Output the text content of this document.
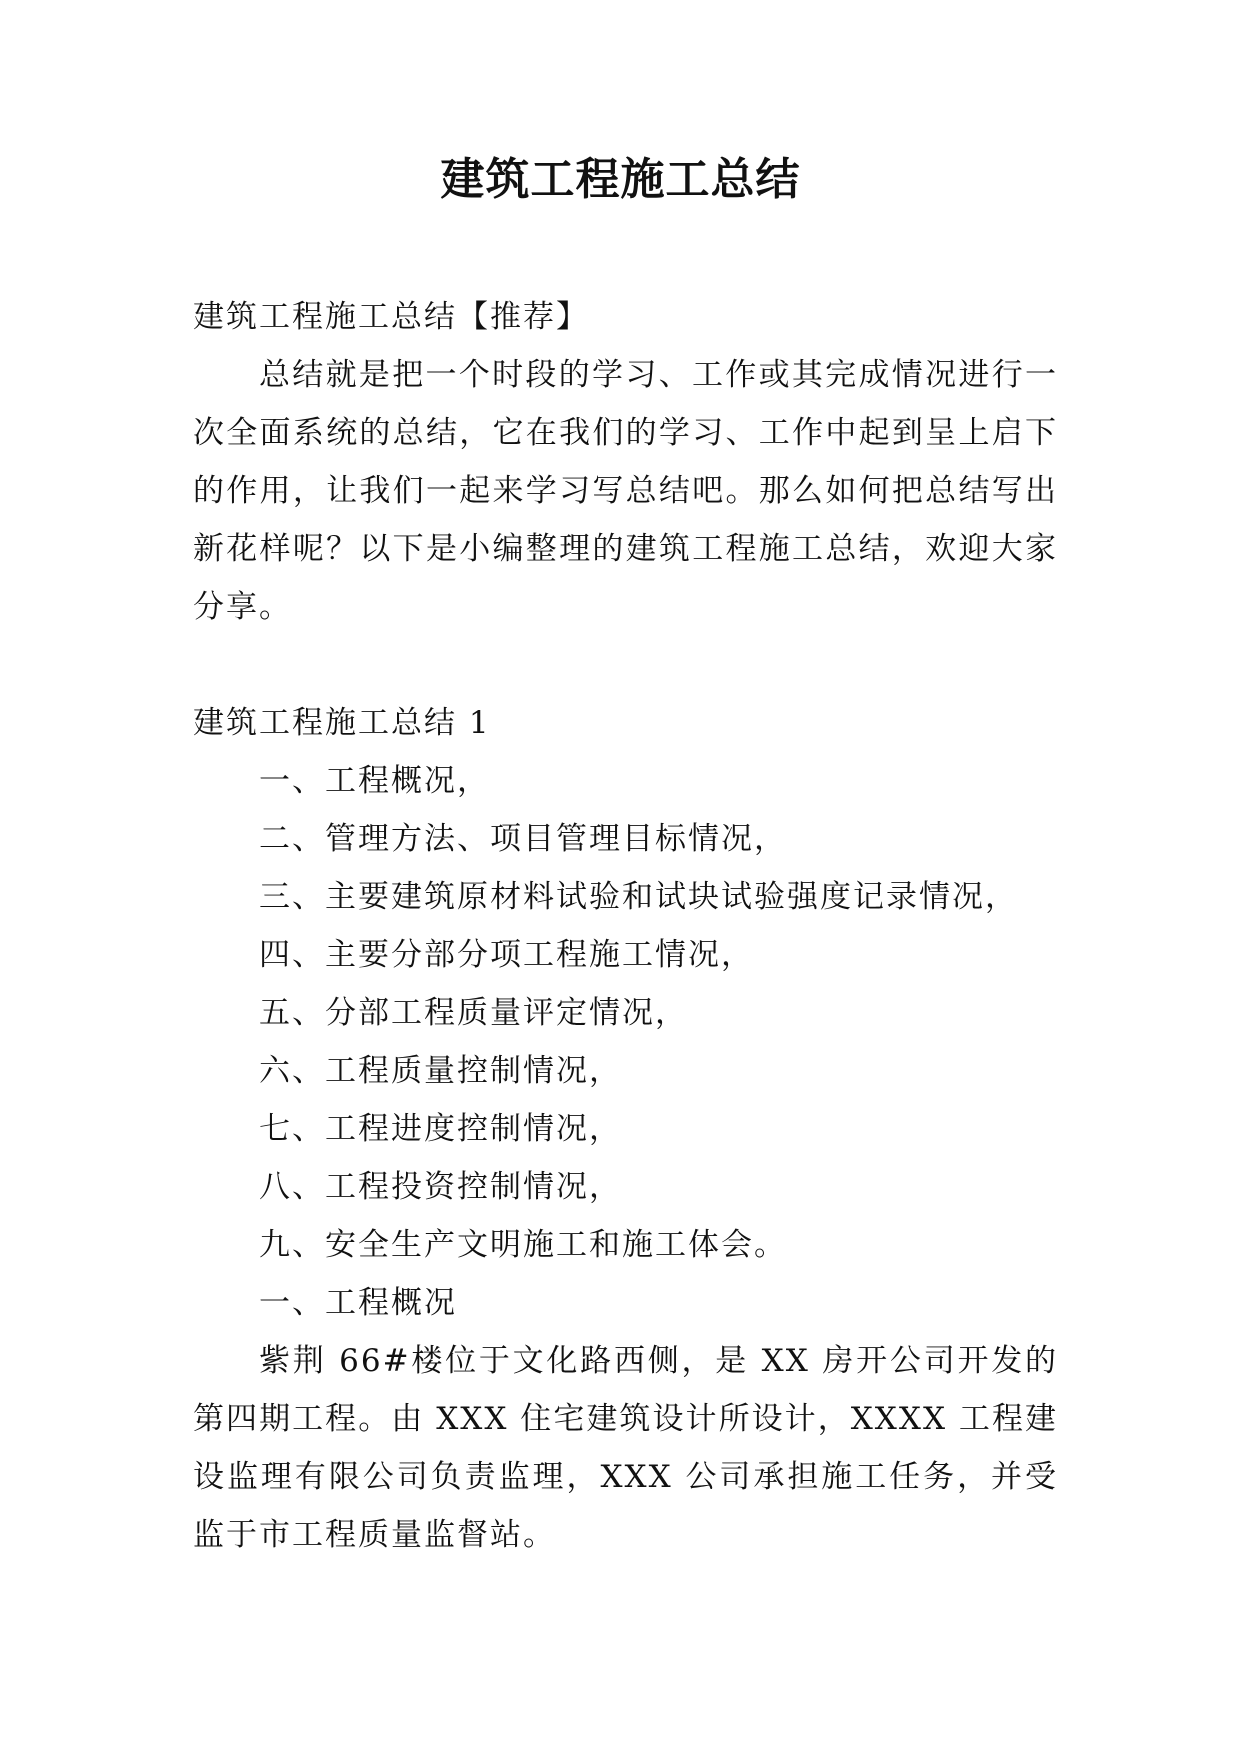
建筑工程施工总结

建筑工程施工总结【推荐】

总结就是把一个时段的学习、工作或其完成情况进行一次全面系统的总结，它在我们的学习、工作中起到呈上启下的作用，让我们一起来学习写总结吧。那么如何把总结写出新花样呢？以下是小编整理的建筑工程施工总结，欢迎大家分享。

建筑工程施工总结 1

一、工程概况，

二、管理方法、项目管理目标情况，

三、主要建筑原材料试验和试块试验强度记录情况，

四、主要分部分项工程施工情况，

五、分部工程质量评定情况，

六、工程质量控制情况，

七、工程进度控制情况，

八、工程投资控制情况，

九、安全生产文明施工和施工体会。

一、工程概况

紫荆 66#楼位于文化路西侧，是 XX 房开公司开发的第四期工程。由 XXX 住宅建筑设计所设计，XXXX 工程建设监理有限公司负责监理，XXX 公司承担施工任务，并受监于市工程质量监督站。
